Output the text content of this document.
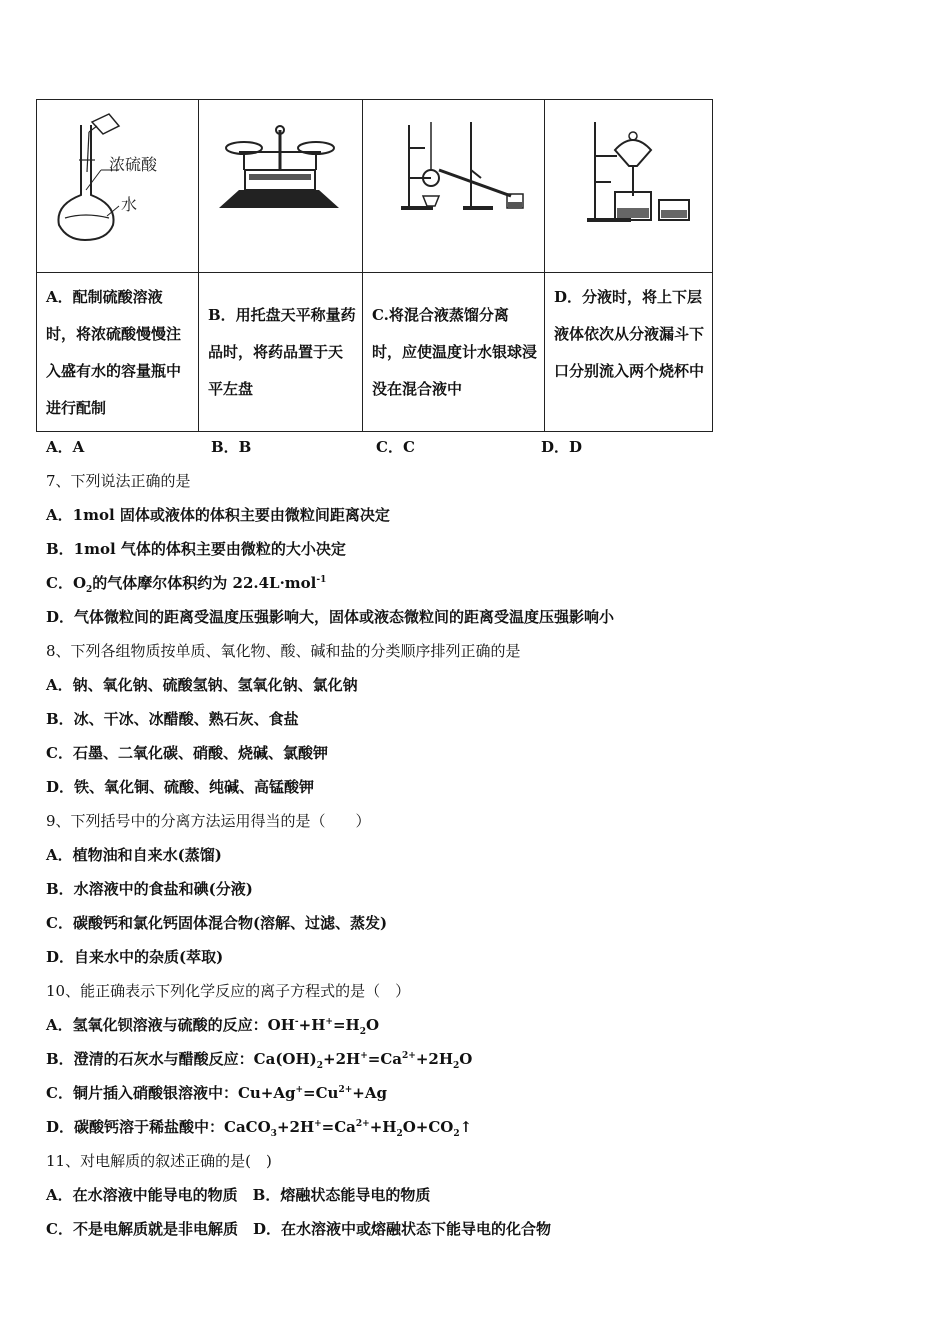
浓硫酸
水

A．配制硫酸溶液时，将浓硫酸慢慢注入盛有水的容量瓶中进行配制	B．用托盘天平称量药品时，将药品置于天平左盘	C.将混合液蒸馏分离时，应使温度计水银球浸没在混合液中	D．分液时，将上下层液体依次从分液漏斗下口分别流入两个烧杯中
A．A	B．B	C．C	D．D
7、下列说法正确的是
A．1mol 固体或液体的体积主要由微粒间距离决定
B．1mol 气体的体积主要由微粒的大小决定
C．$O_2$的气体摩尔体积约为 22.4L·mol$^{-1}$
D．气体微粒间的距离受温度压强影响大，固体或液态微粒间的距离受温度压强影响小
8、下列各组物质按单质、氧化物、酸、碱和盐的分类顺序排列正确的是
A．钠、氧化钠、硫酸氢钠、氢氧化钠、氯化钠
B．冰、干冰、冰醋酸、熟石灰、食盐
C．石墨、二氧化碳、硝酸、烧碱、氯酸钾
D．铁、氧化铜、硫酸、纯碱、高锰酸钾
9、下列括号中的分离方法运用得当的是（　　）
A．植物油和自来水(蒸馏)
B．水溶液中的食盐和碘(分液)
C．碳酸钙和氯化钙固体混合物(溶解、过滤、蒸发)
D．自来水中的杂质(萃取)
10、能正确表示下列化学反应的离子方程式的是（　）
A．氢氧化钡溶液与硫酸的反应：$OH^-+H^+=H_2O$
B．澄清的石灰水与醋酸反应：$Ca(OH)_2+2H^+=Ca^{2+}+2H_2O$
C．铜片插入硝酸银溶液中：$Cu+Ag^+=Cu^{2+}+Ag$
D．碳酸钙溶于稀盐酸中：$CaCO_3+2H^+=Ca^{2+}+H_2O+CO_2↑$
11、对电解质的叙述正确的是(　)
A．在水溶液中能导电的物质　 B．熔融状态能导电的物质
C．不是电解质就是非电解质　 D．在水溶液中或熔融状态下能导电的化合物
